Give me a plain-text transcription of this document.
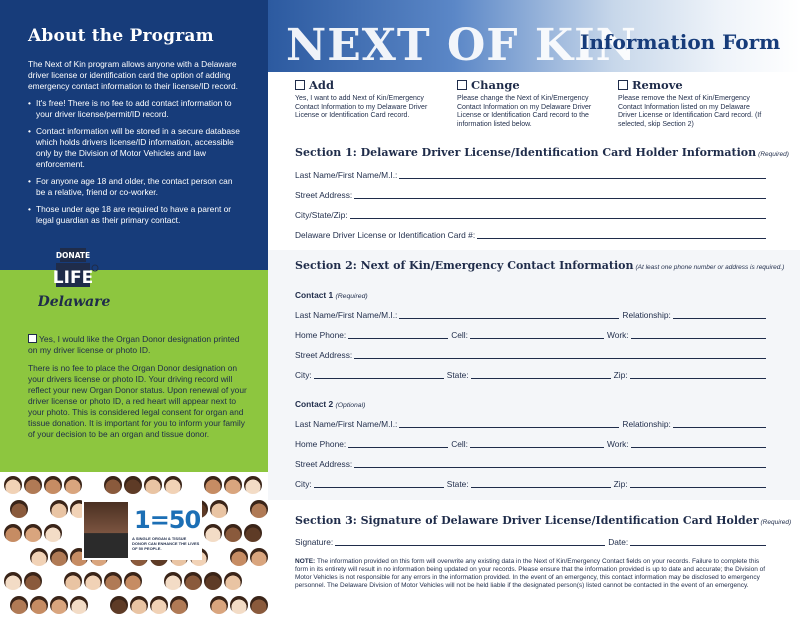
About the Program

The Next of Kin program allows anyone with a Delaware driver license or identification card the option of adding emergency contact information to their license/ID record.

• It's free! There is no fee to add contact information to your driver license/permit/ID record.
• Contact information will be stored in a secure database which holds drivers license/ID information, accessible only by the Division of Motor Vehicles and law enforcement.
• For anyone age 18 and older, the contact person can be a relative, friend or co-worker.
• Those under age 18 are required to have a parent or legal guardian as their primary contact.
DONATE
LIFE
Delaware
Yes, I would like the Organ Donor designation printed on my driver license or photo ID.
There is no fee to place the Organ Donor designation on your drivers license or photo ID. Your driving record will reflect your new Organ Donor status. Upon renewal of your driver license or photo ID, a red heart will appear next to your photo. This is considered legal consent for organ and tissue donation. It is important for you to inform your family of your decision to be an organ and tissue donor.
1=50
A SINGLE ORGAN & TISSUE DONOR CAN ENHANCE THE LIVES OF 50 PEOPLE.
NEXT OF KIN
Information Form
Add
Yes, I want to add Next of Kin/Emergency Contact Information to my Delaware Driver License or Identification Card record.
Change
Please change the Next of Kin/Emergency Contact Information on my Delaware Driver License or Identification Card record to the information listed below.
Remove
Please remove the Next of Kin/Emergency Contact Information listed on my Delaware Driver License or Identification Card record. (If selected, skip Section 2)
Section 1: Delaware Driver License/Identification Card Holder Information (Required)
Last Name/First Name/M.I.:
Street Address:
City/State/Zip:
Delaware Driver License or Identification Card #:
Section 2: Next of Kin/Emergency Contact Information (At least one phone number or address is required.)
Contact 1 (Required)
Last Name/First Name/M.I.:	Relationship:
Home Phone:	Cell:	Work:
Street Address:
City:	State:	Zip:
Contact 2 (Optional)
Last Name/First Name/M.I.:	Relationship:
Home Phone:	Cell:	Work:
Street Address:
City:	State:	Zip:
Section 3: Signature of Delaware Driver License/Identification Card Holder (Required)
Signature:	Date:
NOTE: The information provided on this form will overwrite any existing data in the Next of Kin/Emergency Contact fields on your records. Failure to complete this form in its entirety will result in no information being updated on your records. Please ensure that the information provided is up to date and accurate; the Division of Motor Vehicles is not responsible for any errors in the information provided. In the event of an emergency, this contact information may be disclosed to emergency personnel. The Delaware Division of Motor Vehicles will not be held liable if the designated person(s) listed cannot be contacted in the event of an emergency.
